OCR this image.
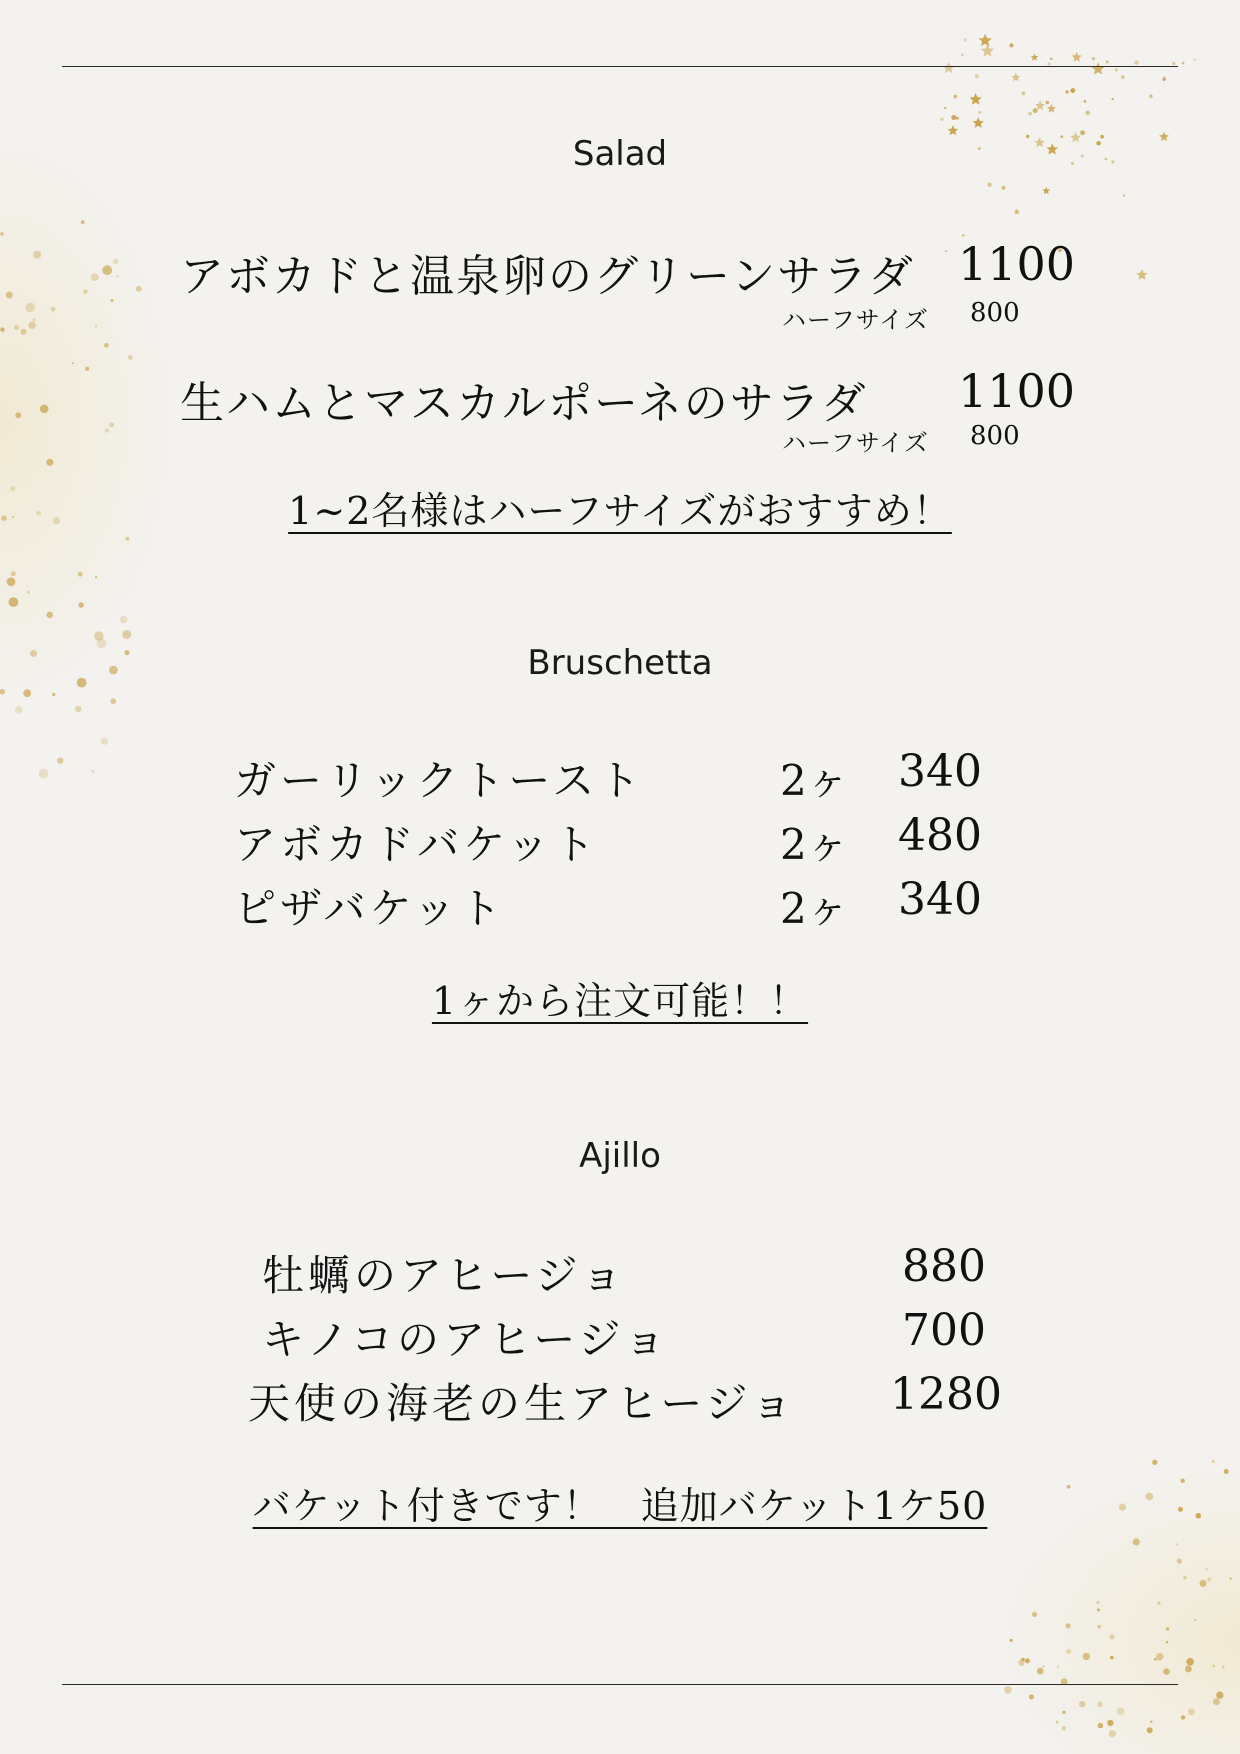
Salad
アボカドと温泉卵のグリーンサラダ 1100
ハーフサイズ 800
生ハムとマスカルポーネのサラダ 1100
ハーフサイズ 800
1~2名様はハーフサイズがおすすめ！
Bruschetta
ガーリックトースト	2ヶ 340
アボカドバケット	2ヶ 480
ピザバケット	2ヶ 340
1ヶから注文可能！！
Ajillo
牡蠣のアヒージョ	880
キノコのアヒージョ	700
天使の海老の生アヒージョ 1280
バケット付きです！　追加バケット1ケ50
